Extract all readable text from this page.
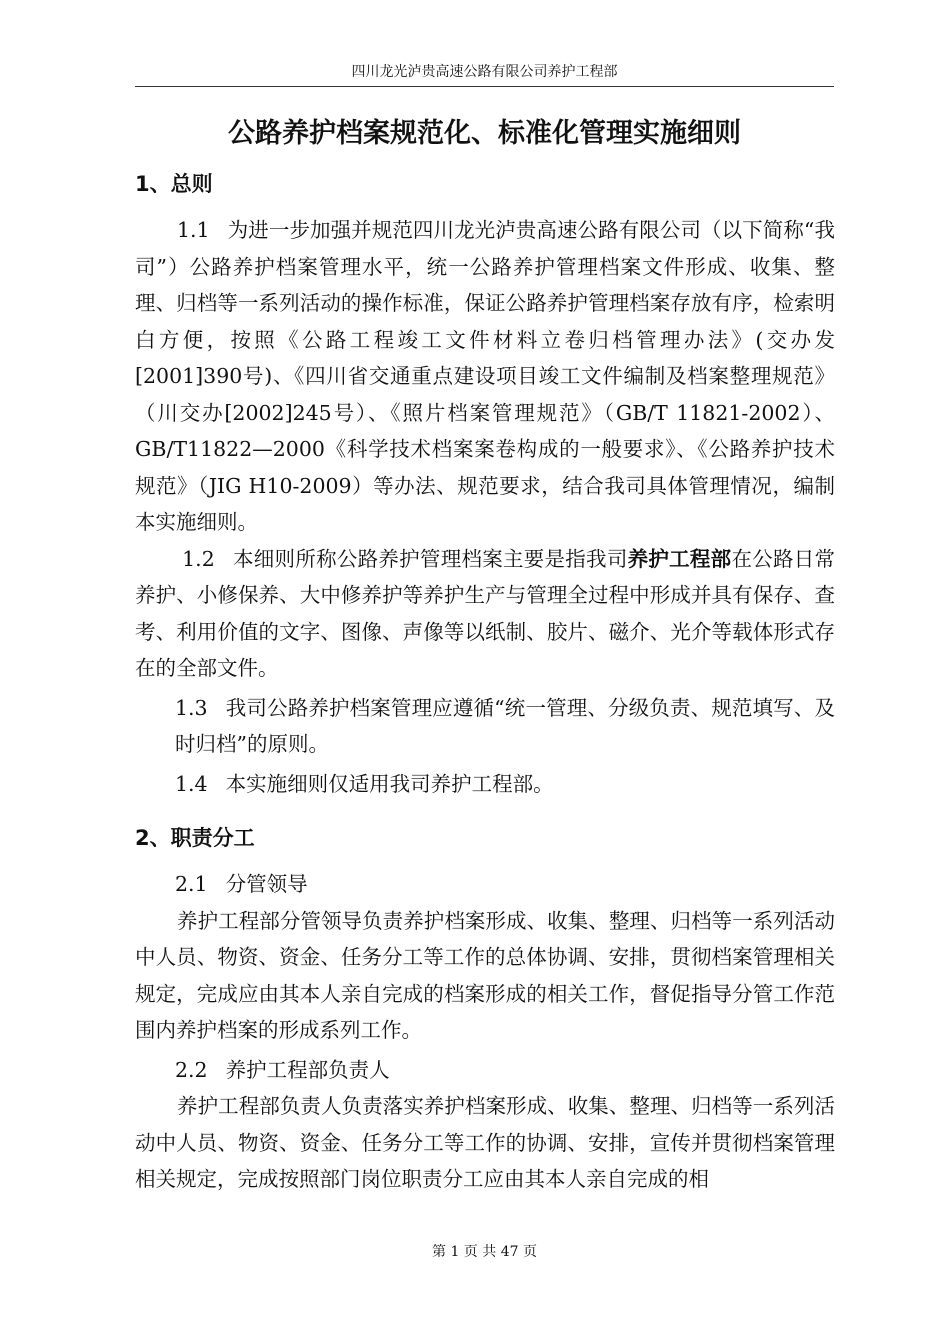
四川龙光泸贵高速公路有限公司养护工程部
公路养护档案规范化、标准化管理实施细则
1、总则

1.1 为进一步加强并规范四川龙光泸贵高速公路有限公司（以下简称“我司”）公路养护档案管理水平，统一公路养护管理档案文件形成、收集、整理、归档等一系列活动的操作标准，保证公路养护管理档案存放有序，检索明白方便，按照《公路工程竣工文件材料立卷归档管理办法》(交办发[2001]390号)、《四川省交通重点建设项目竣工文件编制及档案整理规范》（川交办[2002]245号）、《照片档案管理规范》（GB/T 11821-2002）、GB/T11822—2000《科学技术档案案卷构成的一般要求》、《公路养护技术规范》（JIG H10-2009）等办法、规范要求，结合我司具体管理情况，编制本实施细则。

1.2 本细则所称公路养护管理档案主要是指我司养护工程部在公路日常养护、小修保养、大中修养护等养护生产与管理全过程中形成并具有保存、查考、利用价值的文字、图像、声像等以纸制、胶片、磁介、光介等载体形式存在的全部文件。

1.3 我司公路养护档案管理应遵循“统一管理、分级负责、规范填写、及时归档”的原则。

1.4 本实施细则仅适用我司养护工程部。

2、职责分工

2.1 分管领导

养护工程部分管领导负责养护档案形成、收集、整理、归档等一系列活动中人员、物资、资金、任务分工等工作的总体协调、安排，贯彻档案管理相关规定，完成应由其本人亲自完成的档案形成的相关工作，督促指导分管工作范围内养护档案的形成系列工作。

2.2 养护工程部负责人

养护工程部负责人负责落实养护档案形成、收集、整理、归档等一系列活动中人员、物资、资金、任务分工等工作的协调、安排，宣传并贯彻档案管理相关规定，完成按照部门岗位职责分工应由其本人亲自完成的相

第 1 页 共 47 页
